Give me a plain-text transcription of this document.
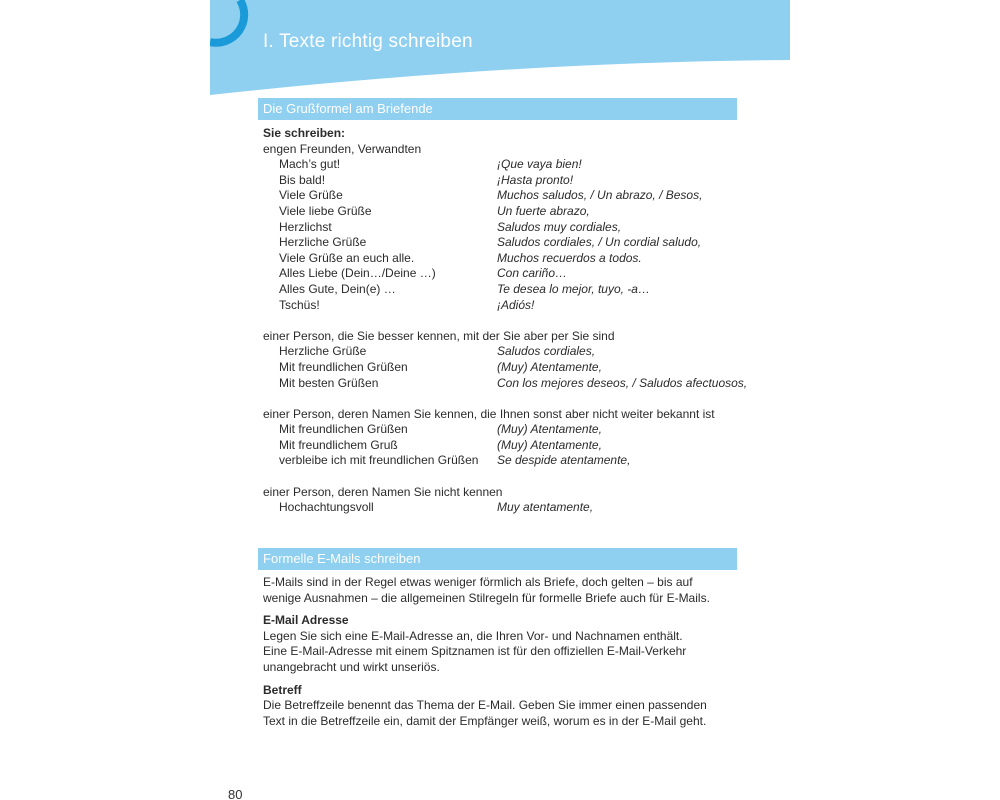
I. Texte richtig schreiben
Die Grußformel am Briefende

Sie schreiben:

engen Freunden, Verwandten

Mach’s gut!	¡Que vaya bien!
Bis bald!	¡Hasta pronto!
Viele Grüße	Muchos saludos, / Un abrazo, / Besos,
Viele liebe Grüße	Un fuerte abrazo,
Herzlichst	Saludos muy cordiales,
Herzliche Grüße	Saludos cordiales, / Un cordial saludo,
Viele Grüße an euch alle.	Muchos recuerdos a todos.
Alles Liebe (Dein…/Deine …)	Con cariño…
Alles Gute, Dein(e) …	Te desea lo mejor, tuyo, -a…
Tschüs!	¡Adiós!

einer Person, die Sie besser kennen, mit der Sie aber per Sie sind

Herzliche Grüße	Saludos cordiales,
Mit freundlichen Grüßen	(Muy) Atentamente,
Mit besten Grüßen	Con los mejores deseos, / Saludos afectuosos,

einer Person, deren Namen Sie kennen, die Ihnen sonst aber nicht weiter bekannt ist

Mit freundlichen Grüßen	(Muy) Atentamente,
Mit freundlichem Gruß	(Muy) Atentamente,
verbleibe ich mit freundlichen Grüßen	Se despide atentamente,

einer Person, deren Namen Sie nicht kennen

Hochachtungsvoll	Muy atentamente,
Formelle E-Mails schreiben

E-Mails sind in der Regel etwas weniger förmlich als Briefe, doch gelten – bis auf

wenige Ausnahmen – die allgemeinen Stilregeln für formelle Briefe auch für E-Mails.

E-Mail Adresse

Legen Sie sich eine E-Mail-Adresse an, die Ihren Vor- und Nachnamen enthält.

Eine E-Mail-Adresse mit einem Spitznamen ist für den offiziellen E-Mail-Verkehr

unangebracht und wirkt unseriös.

Betreff

Die Betreffzeile benennt das Thema der E-Mail. Geben Sie immer einen passenden

Text in die Betreffzeile ein, damit der Empfänger weiß, worum es in der E-Mail geht.

80
